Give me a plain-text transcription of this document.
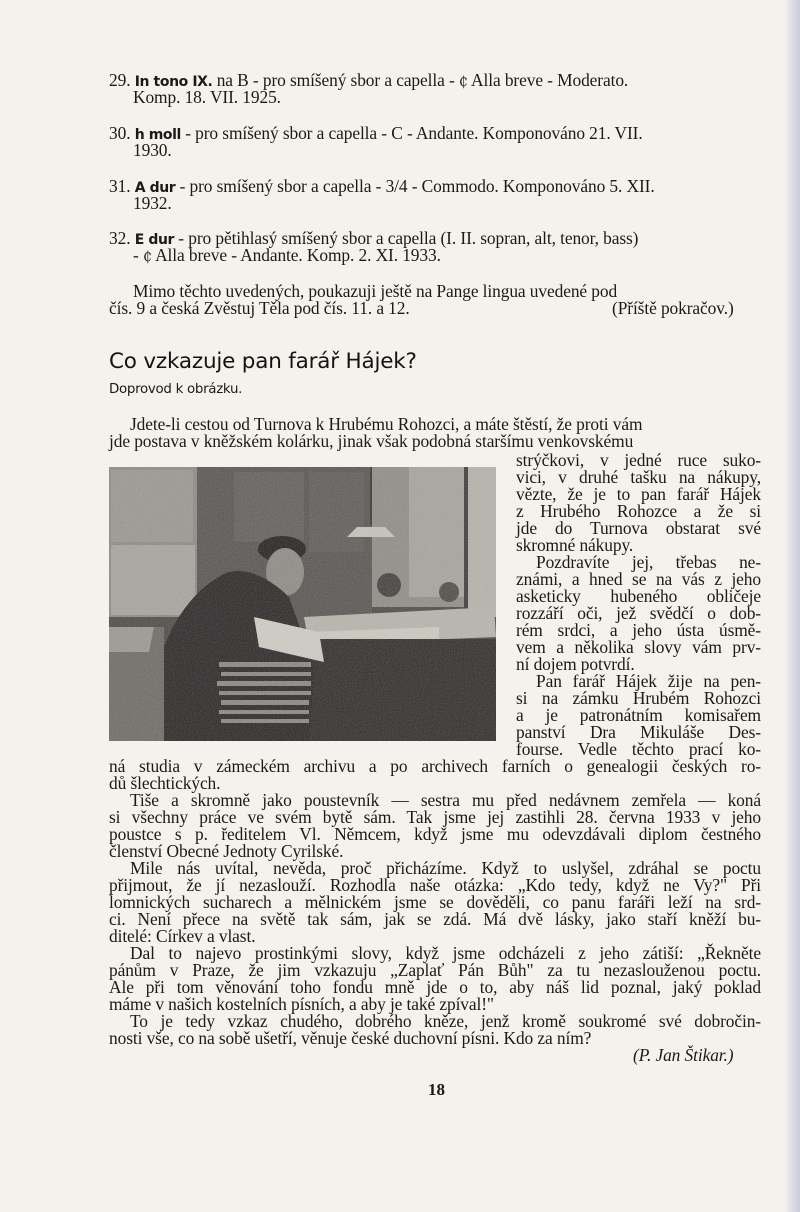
29. In tono IX. na B - pro smíšený sbor a capella - ₵ Alla breve - Moderato.
Komp. 18. VII. 1925.
30. h moll - pro smíšený sbor a capella - C - Andante. Komponováno 21. VII.
1930.
31. A dur - pro smíšený sbor a capella - 3/4 - Commodo. Komponováno 5. XII.
1932.
32. E dur - pro pětihlasý smíšený sbor a capella (I. II. sopran, alt, tenor, bass)
- ₵ Alla breve - Andante. Komp. 2. XI. 1933.
Mimo těchto uvedených, poukazuji ještě na Pange lingua uvedené pod
čís. 9 a česká Zvěstuj Těla pod čís. 11. a 12.	(Příště pokračov.)
Co vzkazuje pan farář Hájek?
Doprovod k obrázku.
Jdete-li cestou od Turnova k Hrubému Rohozci, a máte štěstí, že proti vám
jde postava v kněžském kolárku, jinak však podobná staršímu venkovskému
strýčkovi, v jedné ruce suko-
vici, v druhé tašku na nákupy,
vězte, že je to pan farář Hájek
z Hrubého Rohozce a že si
jde do Turnova obstarat své
skromné nákupy.
Pozdravíte jej, třebas ne-
známi, a hned se na vás z jeho
asketicky hubeného obličeje
rozzáří oči, jež svědčí o dob-
rém srdci, a jeho ústa úsmě-
vem a několika slovy vám prv-
ní dojem potvrdí.
Pan farář Hájek žije na pen-
si na zámku Hrubém Rohozci
a je patronátním komisařem
panství Dra Mikuláše Des-
fourse. Vedle těchto prací ko-
ná studia v zámeckém archivu a po archivech farních o genealogii českých ro-
dů šlechtických.
Tiše a skromně jako poustevník — sestra mu před nedávnem zemřela — koná
si všechny práce ve svém bytě sám. Tak jsme jej zastihli 28. června 1933 v jeho
poustce s p. ředitelem Vl. Němcem, když jsme mu odevzdávali diplom čestného
členství Obecné Jednoty Cyrilské.
Mile nás uvítal, nevěda, proč přicházíme. Když to uslyšel, zdráhal se poctu
přijmout, že jí nezaslouží. Rozhodla naše otázka: „Kdo tedy, když ne Vy?" Při
lomnických sucharech a mělnickém jsme se dověděli, co panu faráři leží na srd-
ci. Není přece na světě tak sám, jak se zdá. Má dvě lásky, jako staří kněží bu-
ditelé: Církev a vlast.
Dal to najevo prostinkými slovy, když jsme odcházeli z jeho zátiší: „Řekněte
pánům v Praze, že jim vzkazuju „Zaplať Pán Bůh" za tu nezaslouženou poctu.
Ale při tom věnování toho fondu mně jde o to, aby náš lid poznal, jaký poklad
máme v našich kostelních písních, a aby je také zpíval!"
To je tedy vzkaz chudého, dobrého kněze, jenž kromě soukromé své dobročin-
nosti vše, co na sobě ušetří, věnuje české duchovní písni. Kdo za ním?
(P. Jan Štikar.)
18
